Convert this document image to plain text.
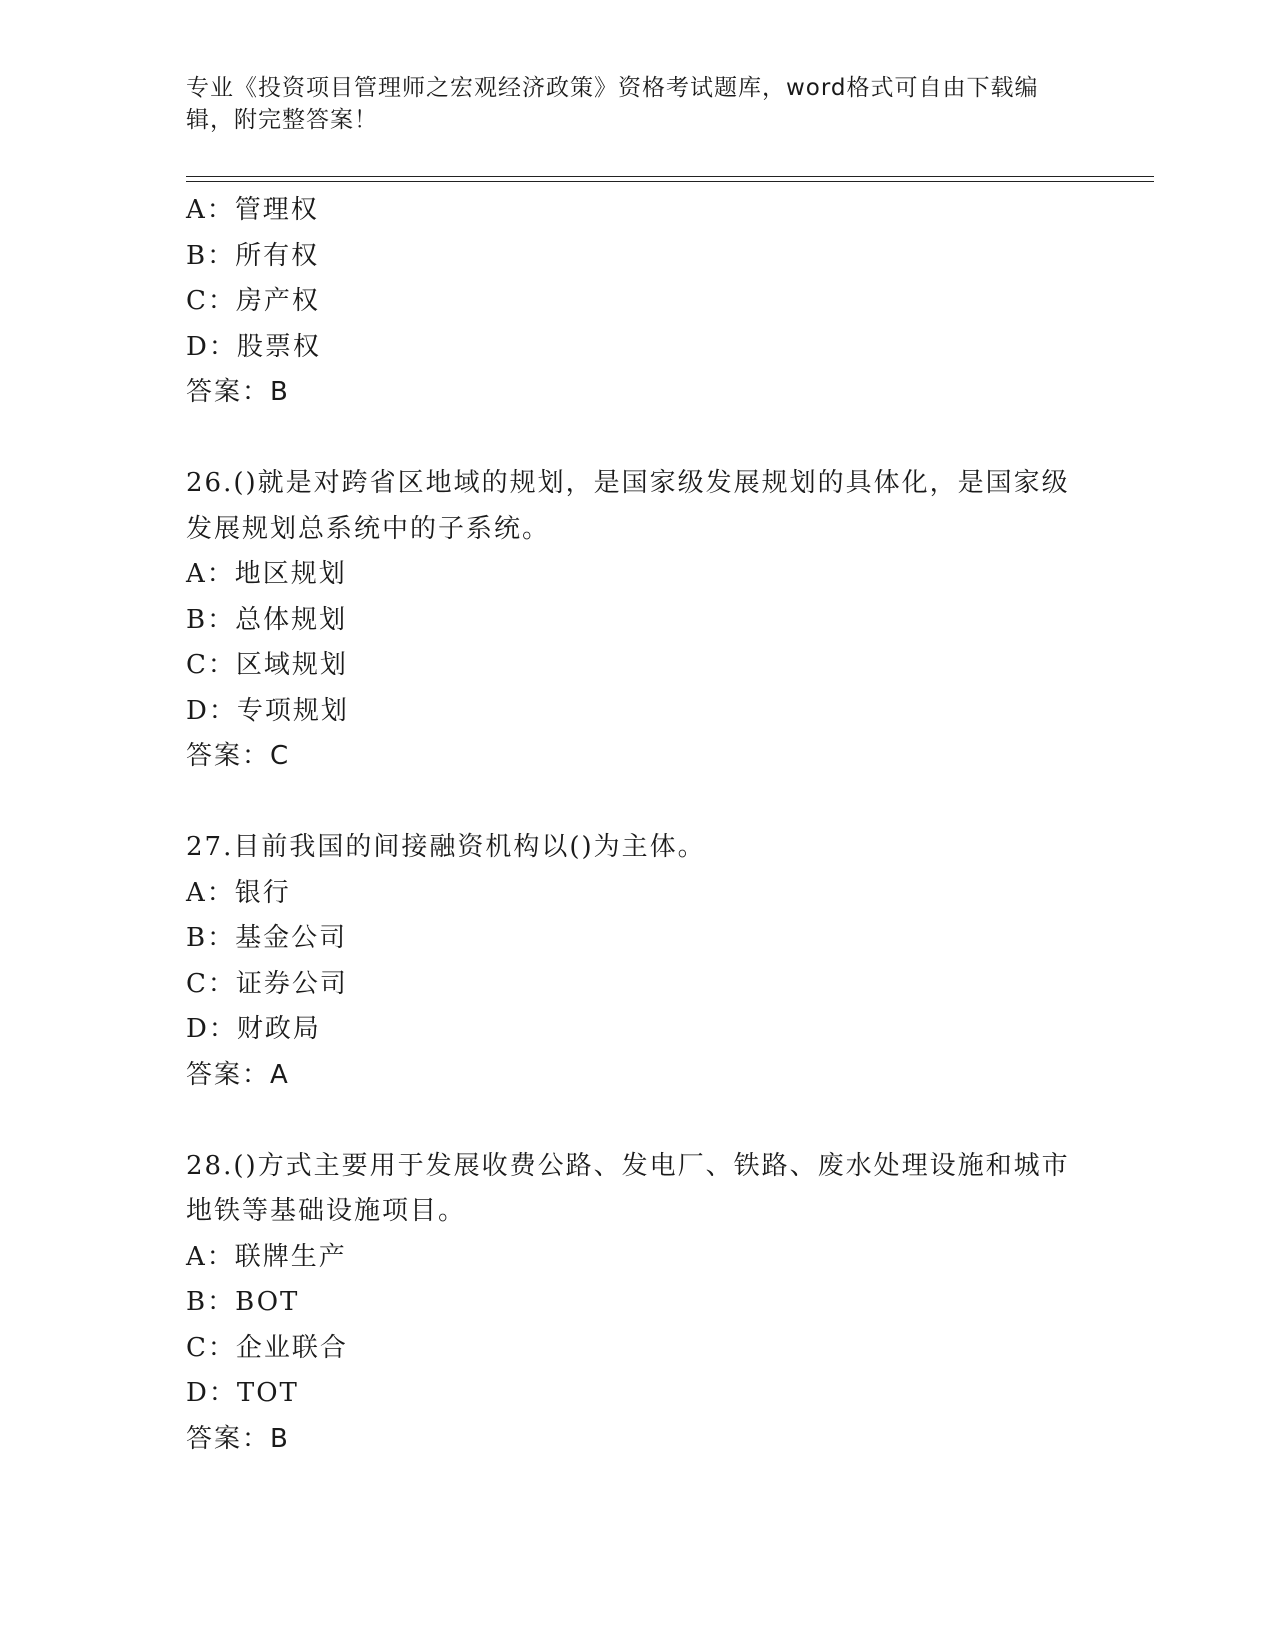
专业《投资项目管理师之宏观经济政策》资格考试题库，word格式可自由下载编辑，附完整答案！
A：管理权
B：所有权
C：房产权
D：股票权
答案：B
26.()就是对跨省区地域的规划，是国家级发展规划的具体化，是国家级发展规划总系统中的子系统。
A：地区规划
B：总体规划
C：区域规划
D：专项规划
答案：C
27.目前我国的间接融资机构以()为主体。
A：银行
B：基金公司
C：证券公司
D：财政局
答案：A
28.()方式主要用于发展收费公路、发电厂、铁路、废水处理设施和城市地铁等基础设施项目。
A：联牌生产
B：BOT
C：企业联合
D：TOT
答案：B
